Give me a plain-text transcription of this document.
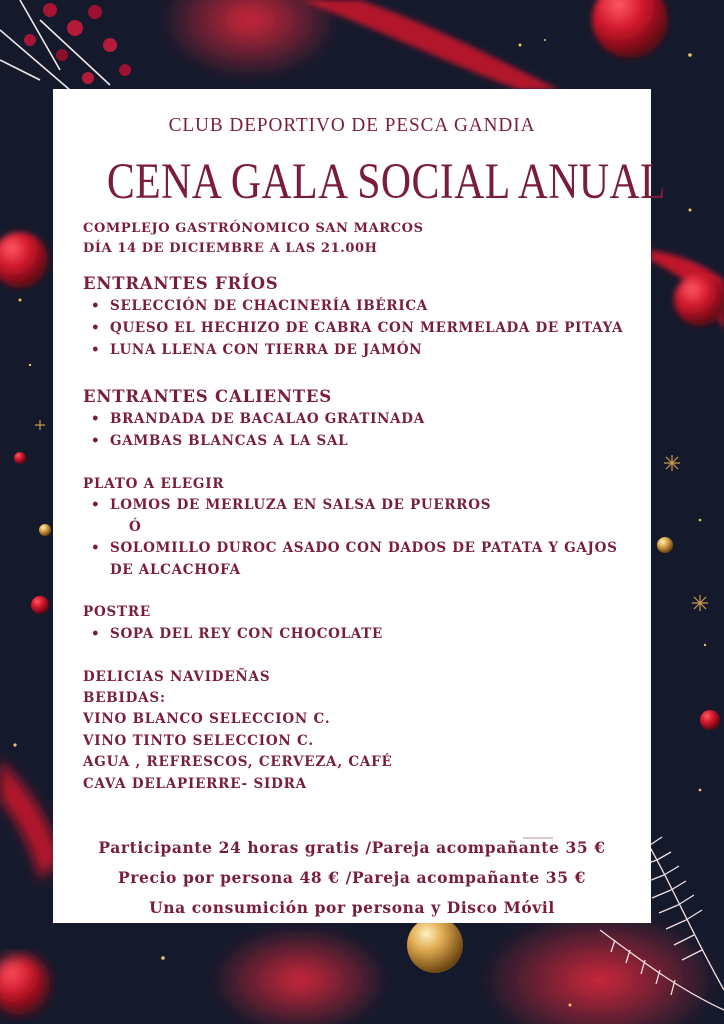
CLUB DEPORTIVO DE PESCA GANDIA
CENA GALA SOCIAL ANUAL
COMPLEJO GASTRÓNOMICO SAN MARCOS
DÍA 14 DE DICIEMBRE A LAS 21.00H
ENTRANTES FRÍOS
• SELECCIÓN DE CHACINERÍA IBÉRICA
• QUESO EL HECHIZO DE CABRA CON MERMELADA DE PITAYA
• LUNA LLENA CON TIERRA DE JAMÓN
ENTRANTES CALIENTES
• BRANDADA DE BACALAO GRATINADA
• GAMBAS BLANCAS A LA SAL
PLATO A ELEGIR
• LOMOS DE MERLUZA EN SALSA DE PUERROS
Ó
• SOLOMILLO DUROC ASADO CON DADOS DE PATATA Y GAJOS
DE ALCACHOFA
POSTRE
• SOPA DEL REY CON CHOCOLATE
DELICIAS NAVIDEÑAS
BEBIDAS:
VINO BLANCO SELECCION C.
VINO TINTO SELECCION C.
AGUA , REFRESCOS, CERVEZA, CAFÉ
CAVA DELAPIERRE- SIDRA
Participante 24 horas gratis /Pareja acompañante 35 €
Precio por persona 48 € /Pareja acompañante 35 €
Una consumición por persona y Disco Móvil
